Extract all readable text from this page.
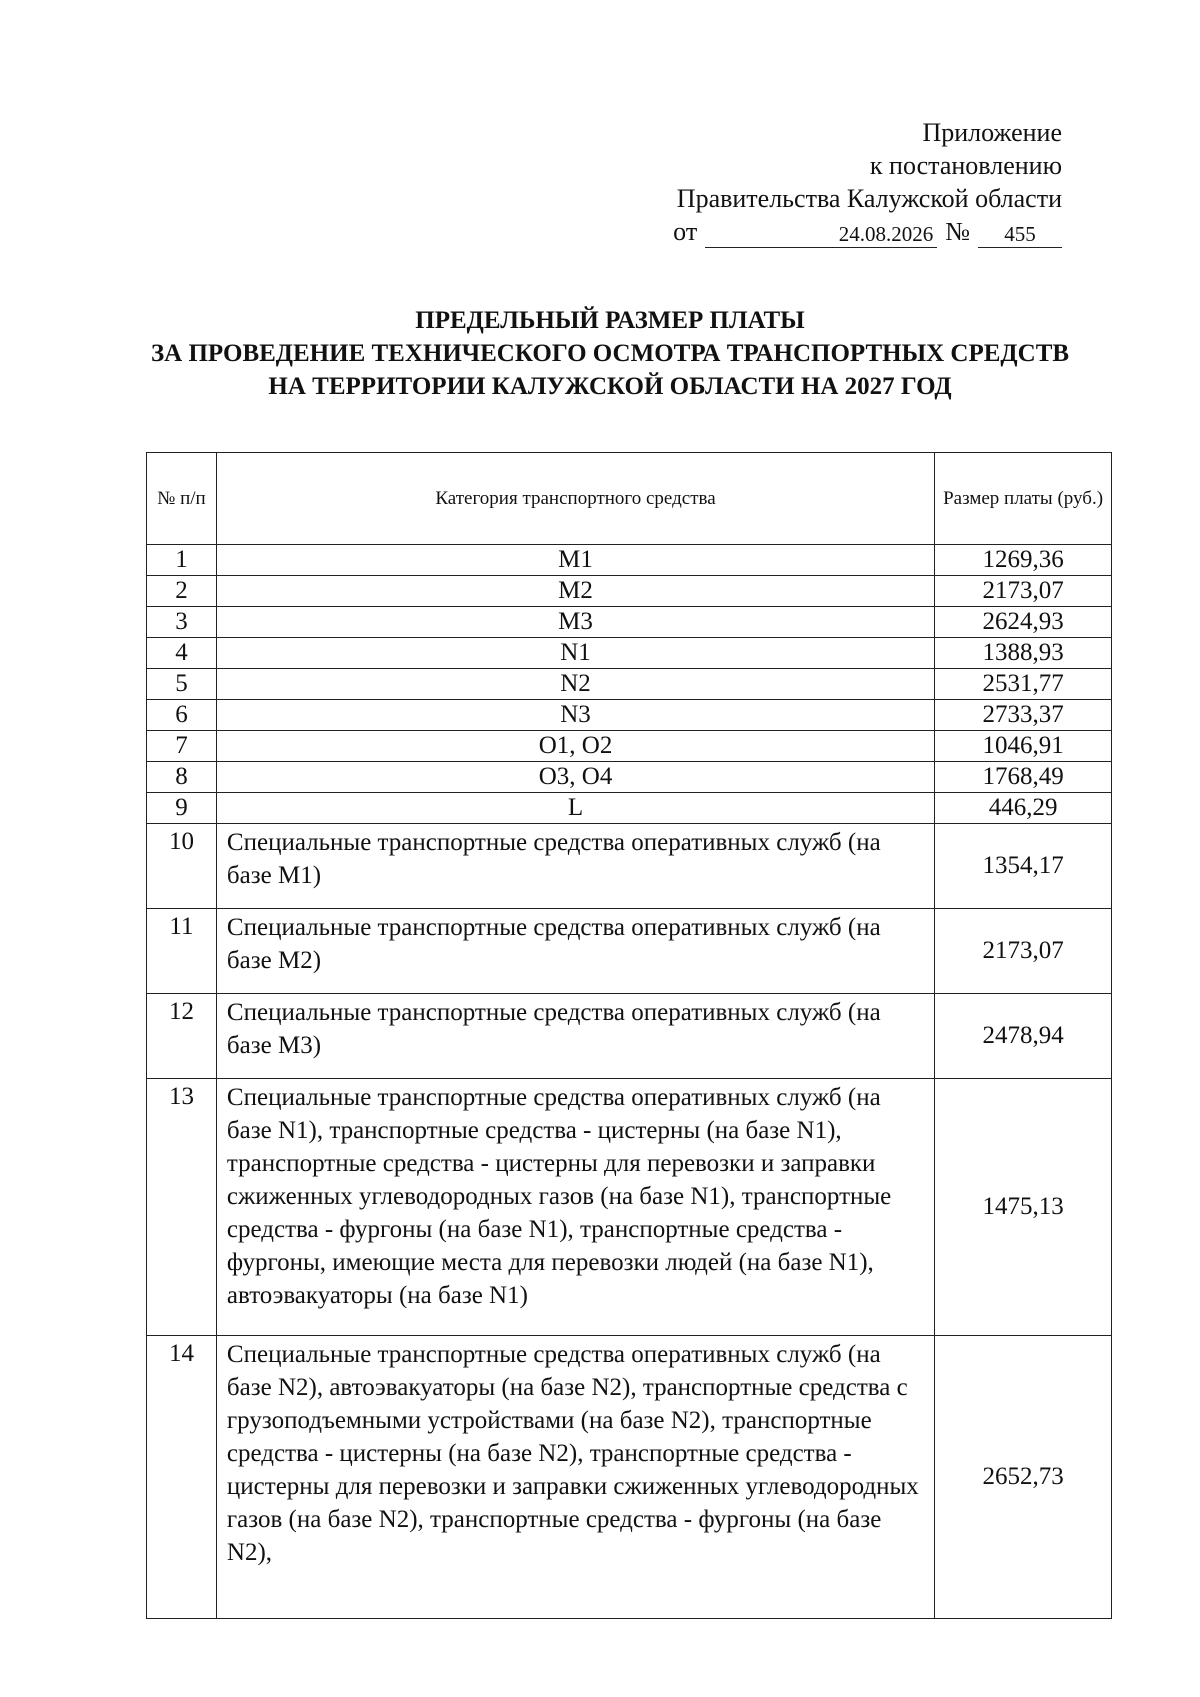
Приложение
к постановлению
Правительства Калужской области
от	24.08.2026 №	455
ПРЕДЕЛЬНЫЙ РАЗМЕР ПЛАТЫ
ЗА ПРОВЕДЕНИЕ ТЕХНИЧЕСКОГО ОСМОТРА ТРАНСПОРТНЫХ СРЕДСТВ
НА ТЕРРИТОРИИ КАЛУЖСКОЙ ОБЛАСТИ НА 2027 ГОД
№ п/п	Категория транспортного средства	Размер платы (руб.)
1	М1	1269,36
2	М2	2173,07
3	М3	2624,93
4	N1	1388,93
5	N2	2531,77
6	N3	2733,37
7	О1, О2	1046,91
8	О3, О4	1768,49
9	L	446,29
10	Специальные транспортные средства оперативных служб (на базе М1)	1354,17
11	Специальные транспортные средства оперативных служб (на базе М2)	2173,07
12	Специальные транспортные средства оперативных служб (на базе М3)	2478,94
13	Специальные транспортные средства оперативных служб (на базе N1), транспортные средства - цистерны (на базе N1), транспортные средства - цистерны для перевозки и заправки сжиженных углеводородных газов (на базе N1), транспортные средства - фургоны (на базе N1), транспортные средства - фургоны, имеющие места для перевозки людей (на базе N1), автоэвакуаторы (на базе N1)	1475,13
14	Специальные транспортные средства оперативных служб (на базе N2), автоэвакуаторы (на базе N2), транспортные средства с грузоподъемными устройствами (на базе N2), транспортные средства - цистерны (на базе N2), транспортные средства - цистерны для перевозки и заправки сжиженных углеводородных газов (на базе N2), транспортные средства - фургоны (на базе N2),	2652,73
